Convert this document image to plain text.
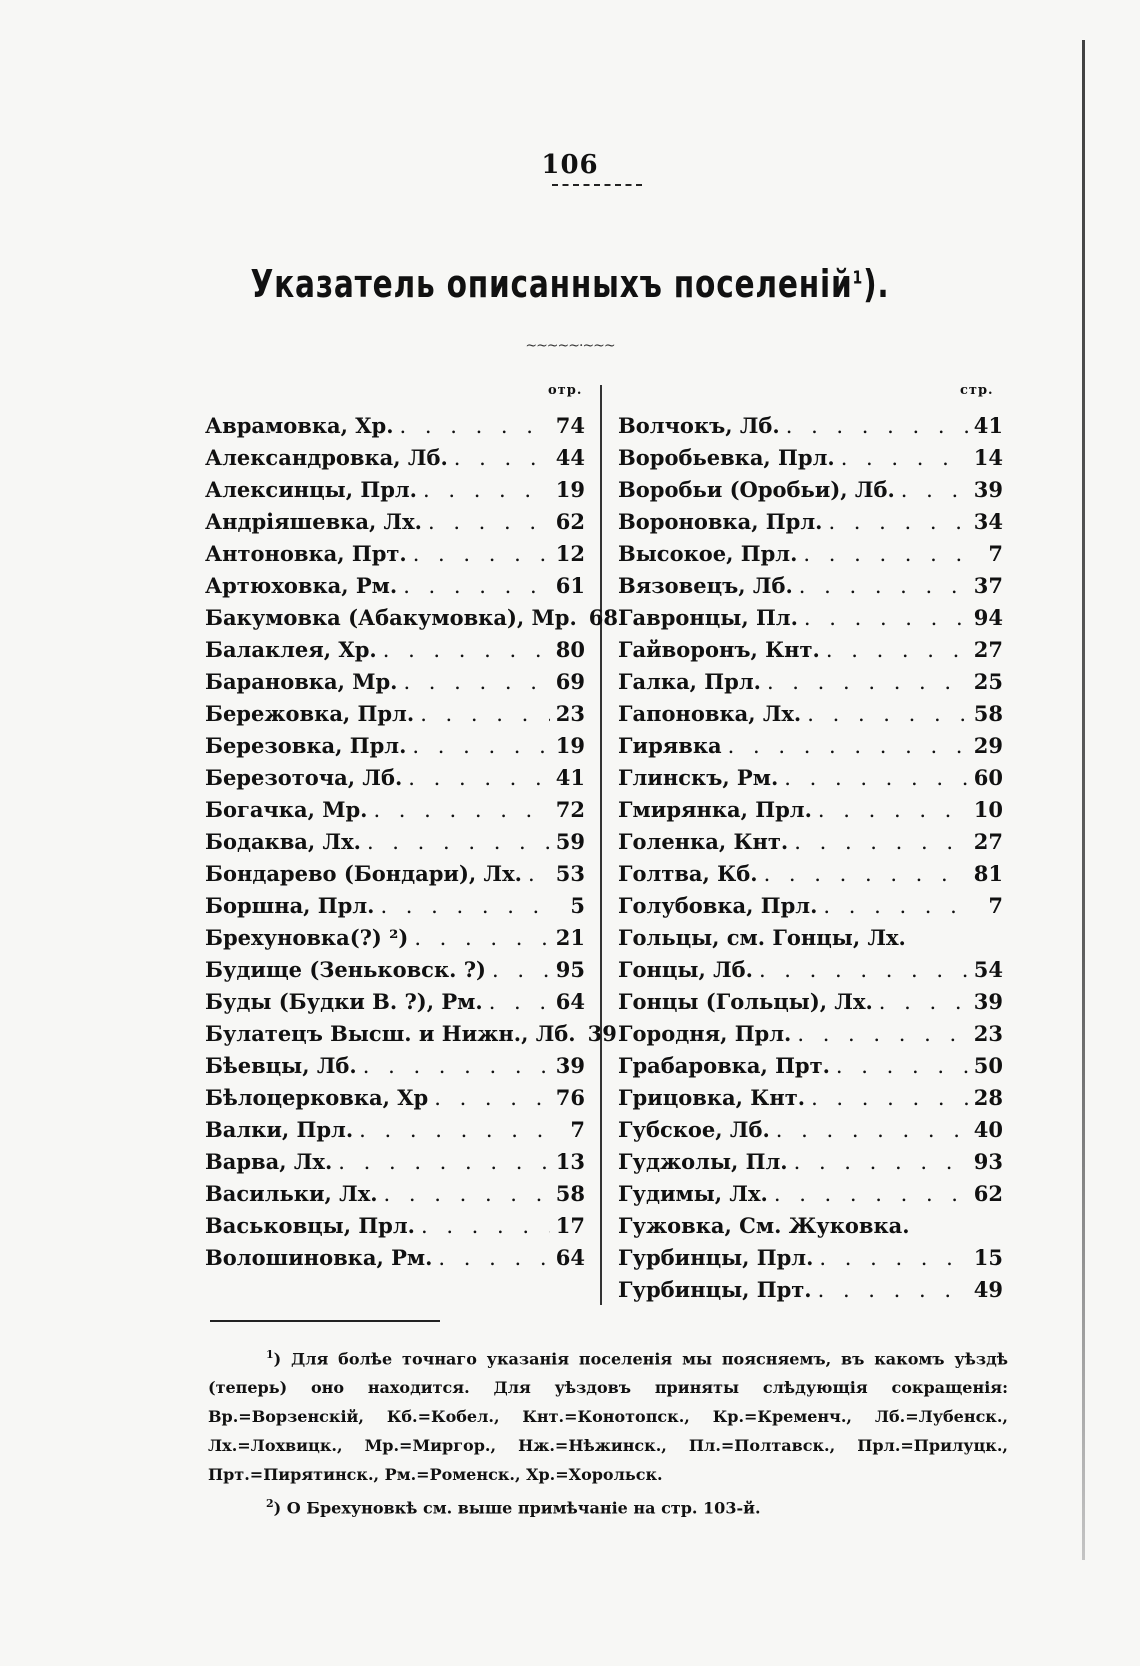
106
Указатель описанныхъ поселеній$^1$).
~~~~~·~~~
отр.	стр.
Аврамовка, Хр. . . .	74
Александровка, Лб. . . .	44
Алексинцы, Прл. . . .	19
Андріяшевка, Лх. . . .	62
Антоновка, Прт. . . .	12
Артюховка, Рм. . . .	61
Бакумовка (Абакумовка), Мр. 68
Балаклея, Хр. . . .	80
Барановка, Мр. . . .	69
Бережовка, Прл. . . .	23
Березовка, Прл. . . .	19
Березоточа, Лб. . . .	41
Богачка, Мр. . . .	72
Бодаква, Лх. . . .	59
Бондарево (Бондари), Лх. . . . 53
Боршна, Прл. . . .	5
Брехуновка(?) ²) . . .	21
Будище (Зеньковск. ?) . . .	95
Буды (Будки В. ?), Рм. . . .	64
Булатецъ Высш. и Нижн., Лб. 39
Бѣевцы, Лб. . . .	39
Бѣлоцерковка, Хр . . .	76
Валки, Прл. . . .	7
Варва, Лх. . . .	13
Васильки, Лх. . . .	58
Васьковцы, Прл. . . .	17
Волошиновка, Рм. . . .	64
Волчокъ, Лб. . . .	41
Воробьевка, Прл. . . .	14
Воробьи (Оробьи), Лб. . . .	39
Вороновка, Прл. . . .	34
Высокое, Прл. . . .	7
Вязовецъ, Лб. . . .	37
Гавронцы, Пл. . . .	94
Гайворонъ, Кнт. . . .	27
Галка, Прл. . . .	25
Гапоновка, Лх. . . .	58
Гирявка . . .	29
Глинскъ, Рм. . . .	60
Гмирянка, Прл. . . .	10
Голенка, Кнт. . . .	27
Голтва, Кб. . . .	81
Голубовка, Прл. . . .	7
Гольцы, см. Гонцы, Лх.
Гонцы, Лб. . . .	54
Гонцы (Гольцы), Лх. . . .	39
Городня, Прл. . . .	23
Грабаровка, Прт. . . .	50
Грицовка, Кнт. . . .	28
Губское, Лб. . . .	40
Гуджолы, Пл. . . .	93
Гудимы, Лх. . . .	62
Гужовка, См. Жуковка.
Гурбинцы, Прл. . . .	15
Гурбинцы, Прт. . . .	49

$^1$) Для болѣе точнаго указанія поселенія мы поясняемъ, въ какомъ уѣздѣ (теперь) оно находится. Для уѣздовъ приняты слѣдующія сокращенія: Вр.=Ворзенскій, Кб.=Кобел., Кнт.=Конотопск., Кр.=Кременч., Лб.=Лубенск., Лх.=Лохвицк., Мр.=Миргор., Нж.=Нѣжинск., Пл.=Полтавск., Прл.=Прилуцк., Прт.=Пирятинск., Рм.=Роменск., Хр.=Хорольск.

$^2$) О Брехуновкѣ см. выше примѣчаніе на стр. 103-й.
